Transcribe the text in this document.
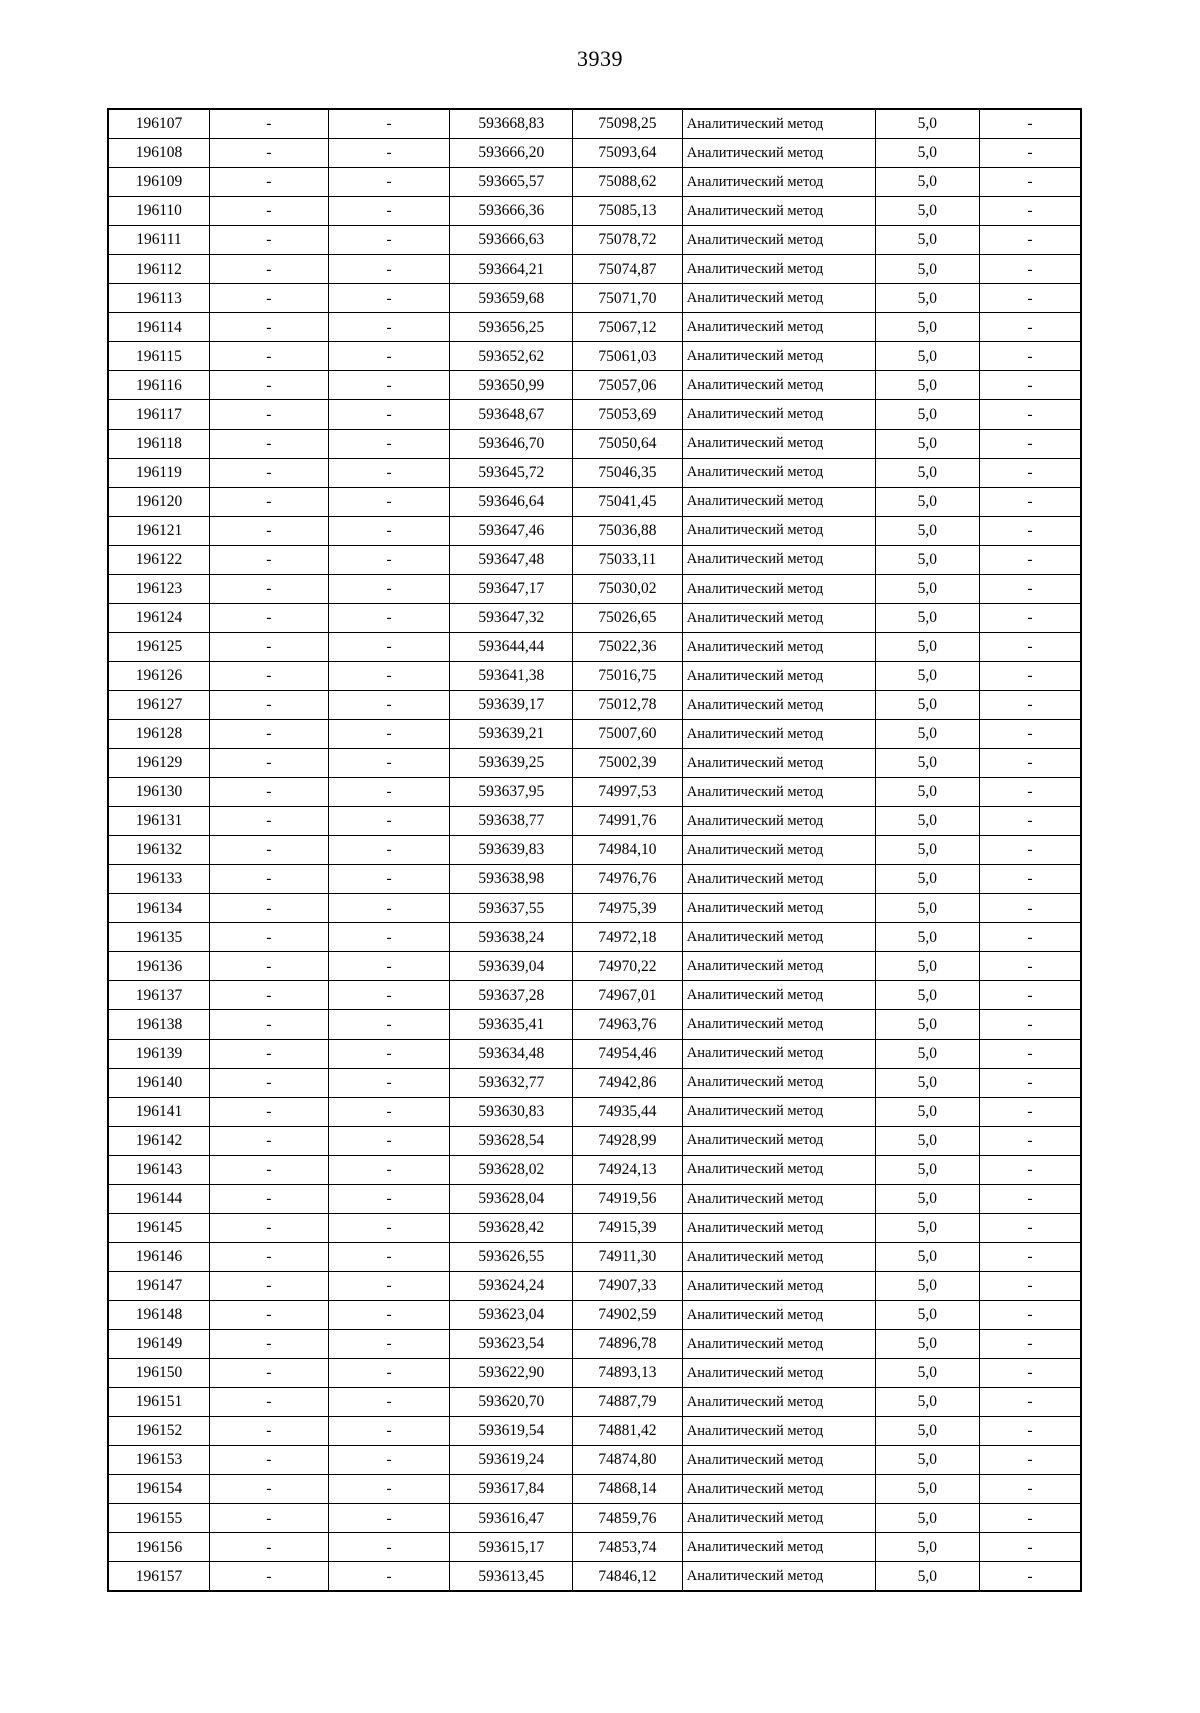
3939
196107	-	-	593668,83	75098,25	Аналитический метод	5,0	-
196108	-	-	593666,20	75093,64	Аналитический метод	5,0	-
196109	-	-	593665,57	75088,62	Аналитический метод	5,0	-
196110	-	-	593666,36	75085,13	Аналитический метод	5,0	-
196111	-	-	593666,63	75078,72	Аналитический метод	5,0	-
196112	-	-	593664,21	75074,87	Аналитический метод	5,0	-
196113	-	-	593659,68	75071,70	Аналитический метод	5,0	-
196114	-	-	593656,25	75067,12	Аналитический метод	5,0	-
196115	-	-	593652,62	75061,03	Аналитический метод	5,0	-
196116	-	-	593650,99	75057,06	Аналитический метод	5,0	-
196117	-	-	593648,67	75053,69	Аналитический метод	5,0	-
196118	-	-	593646,70	75050,64	Аналитический метод	5,0	-
196119	-	-	593645,72	75046,35	Аналитический метод	5,0	-
196120	-	-	593646,64	75041,45	Аналитический метод	5,0	-
196121	-	-	593647,46	75036,88	Аналитический метод	5,0	-
196122	-	-	593647,48	75033,11	Аналитический метод	5,0	-
196123	-	-	593647,17	75030,02	Аналитический метод	5,0	-
196124	-	-	593647,32	75026,65	Аналитический метод	5,0	-
196125	-	-	593644,44	75022,36	Аналитический метод	5,0	-
196126	-	-	593641,38	75016,75	Аналитический метод	5,0	-
196127	-	-	593639,17	75012,78	Аналитический метод	5,0	-
196128	-	-	593639,21	75007,60	Аналитический метод	5,0	-
196129	-	-	593639,25	75002,39	Аналитический метод	5,0	-
196130	-	-	593637,95	74997,53	Аналитический метод	5,0	-
196131	-	-	593638,77	74991,76	Аналитический метод	5,0	-
196132	-	-	593639,83	74984,10	Аналитический метод	5,0	-
196133	-	-	593638,98	74976,76	Аналитический метод	5,0	-
196134	-	-	593637,55	74975,39	Аналитический метод	5,0	-
196135	-	-	593638,24	74972,18	Аналитический метод	5,0	-
196136	-	-	593639,04	74970,22	Аналитический метод	5,0	-
196137	-	-	593637,28	74967,01	Аналитический метод	5,0	-
196138	-	-	593635,41	74963,76	Аналитический метод	5,0	-
196139	-	-	593634,48	74954,46	Аналитический метод	5,0	-
196140	-	-	593632,77	74942,86	Аналитический метод	5,0	-
196141	-	-	593630,83	74935,44	Аналитический метод	5,0	-
196142	-	-	593628,54	74928,99	Аналитический метод	5,0	-
196143	-	-	593628,02	74924,13	Аналитический метод	5,0	-
196144	-	-	593628,04	74919,56	Аналитический метод	5,0	-
196145	-	-	593628,42	74915,39	Аналитический метод	5,0	-
196146	-	-	593626,55	74911,30	Аналитический метод	5,0	-
196147	-	-	593624,24	74907,33	Аналитический метод	5,0	-
196148	-	-	593623,04	74902,59	Аналитический метод	5,0	-
196149	-	-	593623,54	74896,78	Аналитический метод	5,0	-
196150	-	-	593622,90	74893,13	Аналитический метод	5,0	-
196151	-	-	593620,70	74887,79	Аналитический метод	5,0	-
196152	-	-	593619,54	74881,42	Аналитический метод	5,0	-
196153	-	-	593619,24	74874,80	Аналитический метод	5,0	-
196154	-	-	593617,84	74868,14	Аналитический метод	5,0	-
196155	-	-	593616,47	74859,76	Аналитический метод	5,0	-
196156	-	-	593615,17	74853,74	Аналитический метод	5,0	-
196157	-	-	593613,45	74846,12	Аналитический метод	5,0	-
